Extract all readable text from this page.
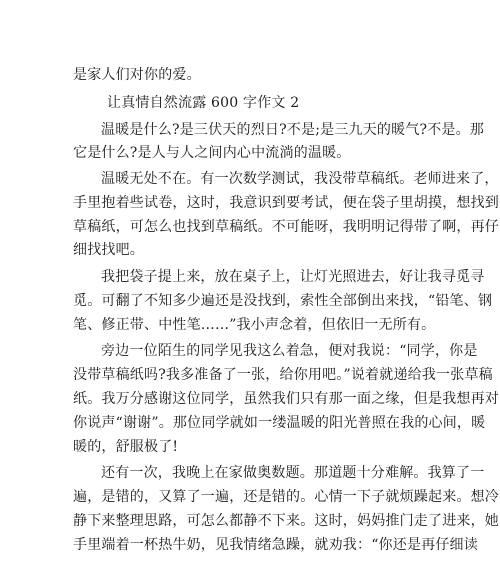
是家人们对你的爱。
让真情自然流露 600 字作文 2
温暖是什么?是三伏天的烈日?不是;是三九天的暖气?不是。那
它是什么?是人与人之间内心中流淌的温暖。
温暖无处不在。有一次数学测试，我没带草稿纸。老师进来了，
手里抱着些试卷，这时，我意识到要考试，便在袋子里胡摸，想找到
草稿纸，可怎么也找到草稿纸。不可能呀，我明明记得带了啊，再仔
细找找吧。
我把袋子提上来，放在桌子上，让灯光照进去，好让我寻觅寻
觅。可翻了不知多少遍还是没找到，索性全部倒出来找，“铅笔、钢
笔、修正带、中性笔……”我小声念着，但依旧一无所有。
旁边一位陌生的同学见我这么着急，便对我说：“同学，你是
没带草稿纸吗?我多准备了一张，给你用吧。”说着就递给我一张草稿
纸。我万分感谢这位同学，虽然我们只有那一面之缘，但是我想再对
你说声“谢谢”。那位同学就如一缕温暖的阳光普照在我的心间，暖
暖的，舒服极了!
还有一次，我晚上在家做奥数题。那道题十分难解。我算了一
遍，是错的，又算了一遍，还是错的。心情一下子就烦躁起来。想冷
静下来整理思路，可怎么都静不下来。这时，妈妈推门走了进来，她
手里端着一杯热牛奶，见我情绪急躁，就劝我：“你还是再仔细读
